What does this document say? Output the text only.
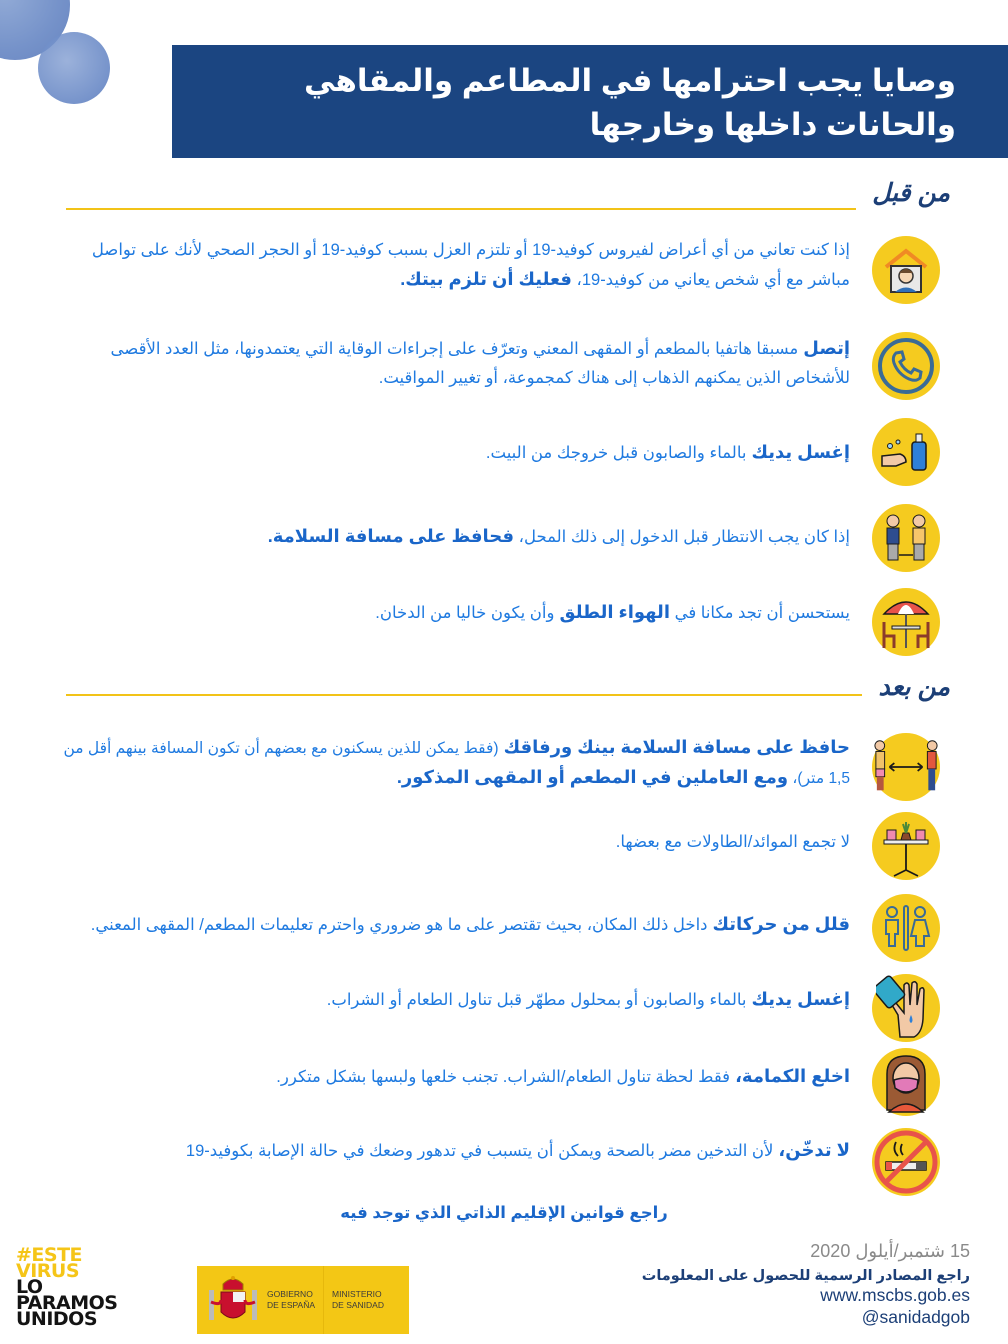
وصايا يجب احترامها في المطاعم والمقاهي والحانات داخلها وخارجها
من قبل
إذا كنت تعاني من أي أعراض لفيروس كوفيد-19 أو تلتزم العزل بسبب كوفيد-19 أو الحجر الصحي لأنك على تواصل مباشر مع أي شخص يعاني من كوفيد-19، فعليك أن تلزم بيتك.
إتصل مسبقا هاتفيا بالمطعم أو المقهى المعني وتعرّف على إجراءات الوقاية التي يعتمدونها، مثل العدد الأقصى للأشخاص الذين يمكنهم الذهاب إلى هناك كمجموعة، أو تغيير المواقيت.
إغسل يديك بالماء والصابون قبل خروجك من البيت.
إذا كان يجب الانتظار قبل الدخول إلى ذلك المحل، فحافظ على مسافة السلامة.
يستحسن أن تجد مكانا في الهواء الطلق وأن يكون خاليا من الدخان.
من بعد
حافظ على مسافة السلامة بينك ورفاقك (فقط يمكن للذين يسكنون مع بعضهم أن تكون المسافة بينهم أقل من 1,5 متر)، ومع العاملين في المطعم أو المقهى المذكور.
لا تجمع الموائد/الطاولات مع بعضها.
قلل من حركاتك داخل ذلك المكان، بحيث تقتصر على ما هو ضروري واحترم تعليمات المطعم/ المقهى المعني.
إغسل يديك بالماء والصابون أو بمحلول مطهّر قبل تناول الطعام أو الشراب.
اخلع الكمامة، فقط لحظة تناول الطعام/الشراب. تجنب خلعها ولبسها بشكل متكرر.
لا تدخّن، لأن التدخين مضر بالصحة ويمكن أن يتسبب في تدهور وضعك في حالة الإصابة بكوفيد-19
راجع قوانين الإقليم الذاتي الذي توجد فيه
#ESTE
VIRUS
LO
PARAMOS
UNIDOS
GOBIERNO
DE ESPAÑA
MINISTERIO
DE SANIDAD
15 شتمبر/أيلول 2020
راجع المصادر الرسمية للحصول على المعلومات
www.mscbs.gob.es
@sanidadgob
